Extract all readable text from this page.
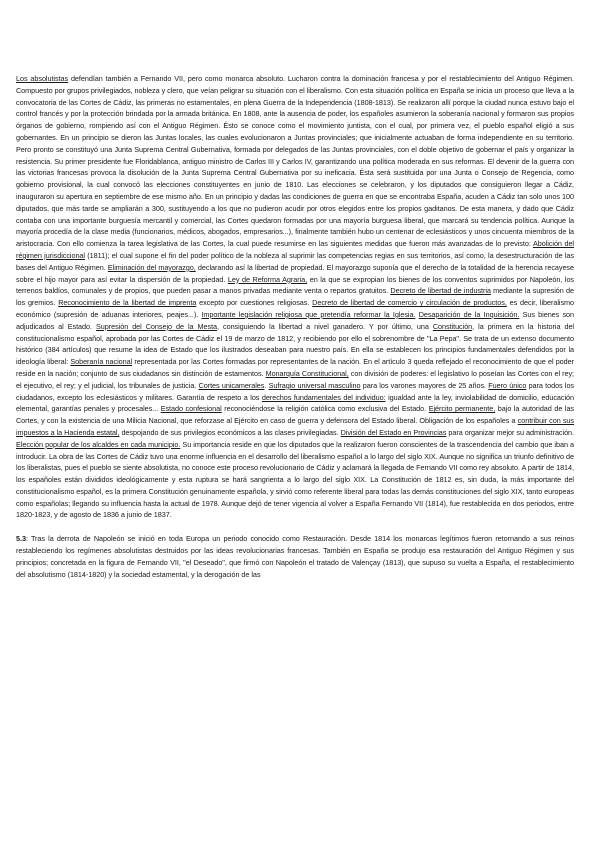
Los absolutistas defendían también a Fernando VII, pero como monarca absoluto. Lucharon contra la dominación francesa y por el restablecimiento del Antiguo Régimen. Compuesto por grupos privilegiados, nobleza y clero, que veían peligrar su situación con el liberalismo. Con esta situación política en España se inicia un proceso que lleva a la convocatoria de las Cortes de Cádiz, las primeras no estamentales, en plena Guerra de la Independencia (1808-1813). Se realizaron allí porque la ciudad nunca estuvo bajo el control francés y por la protección brindada por la armada británica. En 1808, ante la ausencia de poder, los españoles asumieron la soberanía nacional y formaron sus propios órganos de gobierno, rompiendo así con el Antiguo Régimen. Ésto se conoce como el movimiento juntista, con el cual, por primera vez, el pueblo español eligió a sus gobernantes. En un principio se dieron las Juntas locales, las cuales evolucionaron a Juntas provinciales; que inicialmente actuaban de forma independiente en su territorio. Pero pronto se constituyó una Junta Suprema Central Gubernativa, formada por delegados de las Juntas provinciales, con el doble objetivo de gobernar el país y organizar la resistencia. Su primer presidente fue Floridablanca, antiguo ministro de Carlos III y Carlos IV, garantizando una política moderada en sus reformas. El devenir de la guerra con las victorias francesas provoca la disolución de la Junta Suprema Central Gubernativa por su ineficacia. Ésta será sustituida por una Junta o Consejo de Regencia, como gobierno provisional, la cual convocó las elecciones constituyentes en junio de 1810. Las elecciones se celebraron, y los diputados que consiguieron llegar a Cádiz, inauguraron su apertura en septiembre de ese mismo año. En un principio y dadas las condiciones de guerra en que se encontraba España, acuden a Cádiz tan solo unos 100 diputados, que más tarde se ampliarán a 300, sustituyendo a los que no pudieron acudir por otros elegidos entre los propios gaditanos. De esta manera, y dado que Cádiz contaba con una importante burguesía mercantil y comercial, las Cortes quedaron formadas por una mayoría burguesa liberal, que marcará su tendencia política. Aunque la mayoría procedía de la clase media (funcionarios, médicos, abogados, empresarios...), finalmente también hubo un centenar de eclesiásticos y unos cincuenta miembros de la aristocracia. Con ello comienza la tarea legislativa de las Cortes, la cual puede resumirse en las siguientes medidas que fueron más avanzadas de lo previsto: Abolición del régimen jurisdiccional (1811); el cual supone el fin del poder político de la nobleza al suprimir las competencias regias en sus territorios, así como, la desestructuración de las bases del Antiguo Régimen. Eliminación del mayorazgo, declarando así la libertad de propiedad. El mayorazgo suponía que el derecho de la totalidad de la herencia recayese sobre el hijo mayor para así evitar la dispersión de la propiedad. Ley de Reforma Agraria, en la que se expropian los bienes de los conventos suprimidos por Napoleón, los terrenos baldíos, comunales y de propios, que pueden pasar a manos privadas mediante venta o repartos gratuitos. Decreto de libertad de industria mediante la supresión de los gremios. Reconocimiento de la libertad de imprenta excepto por cuestiones religiosas. Decreto de libertad de comercio y circulación de productos, es decir, liberalismo económico (supresión de aduanas interiores, peajes...). Importante legislación religiosa que pretendía reformar la Iglesia. Desaparición de la Inquisición. Sus bienes son adjudicados al Estado. Supresión del Consejo de la Mesta, consiguiendo la libertad a nivel ganadero. Y por último, una Constitución, la primera en la historia del constitucionalismo español, aprobada por las Cortes de Cádiz el 19 de marzo de 1812, y recibiendo por ello el sobrenombre de "La Pepa". Se trata de un extenso documento histórico (384 artículos) que resume la idea de Estado que los ilustrados deseaban para nuestro país. En ella se establecen los principios fundamentales defendidos por la ideología liberal: Soberanía nacional representada por las Cortes formadas por representantes de la nación. En el artículo 3 queda reflejado el reconocimiento de que el poder reside en la nación; conjunto de sus ciudadanos sin distinción de estamentos. Monarquía Constitucional, con división de poderes: el legislativo lo poseían las Cortes con el rey; el ejecutivo, el rey; y el judicial, los tribunales de justicia. Cortes unicamerales. Sufragio universal masculino para los varones mayores de 25 años. Fuero único para todos los ciudadanos, excepto los eclesiásticos y militares. Garantía de respeto a los derechos fundamentales del individuo: igualdad ante la ley, inviolabilidad de domicilio, educación elemental, garantías penales y procesales... Estado confesional reconociéndose la religión católica como exclusiva del Estado. Ejército permanente, bajo la autoridad de las Cortes, y con la existencia de una Milicia Nacional, que reforzase al Ejército en caso de guerra y defensora del Estado liberal. Obligación de los españoles a contribuir con sus impuestos a la Hacienda estatal, despojando de sus privilegios económicos a las clases privilegiadas. División del Estado en Provincias para organizar mejor su administración. Elección popular de los alcaldes en cada municipio. Su importancia reside en que los diputados que la realizaron fueron conscientes de la trascendencia del cambio que iban a introducir. La obra de las Cortes de Cádiz tuvo una enorme influencia en el desarrollo del liberalismo español a lo largo del siglo XIX. Aunque no significa un triunfo definitivo de los liberalistas, pues el pueblo se siente absolutista, no conoce este proceso revolucionario de Cádiz y aclamará la llegada de Fernando VII como rey absoluto. A partir de 1814, los españoles están divididos ideológicamente y esta ruptura se hará sangrienta a lo largo del siglo XIX. La Constitución de 1812 es, sin duda, la más importante del constitucionalismo español, es la primera Constitución genuinamente española, y sirvió como referente liberal para todas las demás constituciones del siglo XIX, tanto europeas como españolas; llegando su influencia hasta la actual de 1978. Aunque dejó de tener vigencia al volver a España Fernando VII (1814), fue restablecida en dos periodos, entre 1820-1823, y de agosto de 1836 a junio de 1837.

5.3: Tras la derrota de Napoleón se inició en toda Europa un periodo conocido como Restauración. Desde 1814 los monarcas legítimos fueron retornando a sus reinos restableciendo los regímenes absolutistas destruidos por las ideas revolucionarias francesas. También en España se produjo esa restauración del Antiguo Régimen y sus principios; concretada en la figura de Fernando VII, "el Deseado", que firmó con Napoleón el tratado de Valençay (1813), que supuso su vuelta a España, el restablecimiento del absolutismo (1814-1820) y la sociedad estamental, y la derogación de las
